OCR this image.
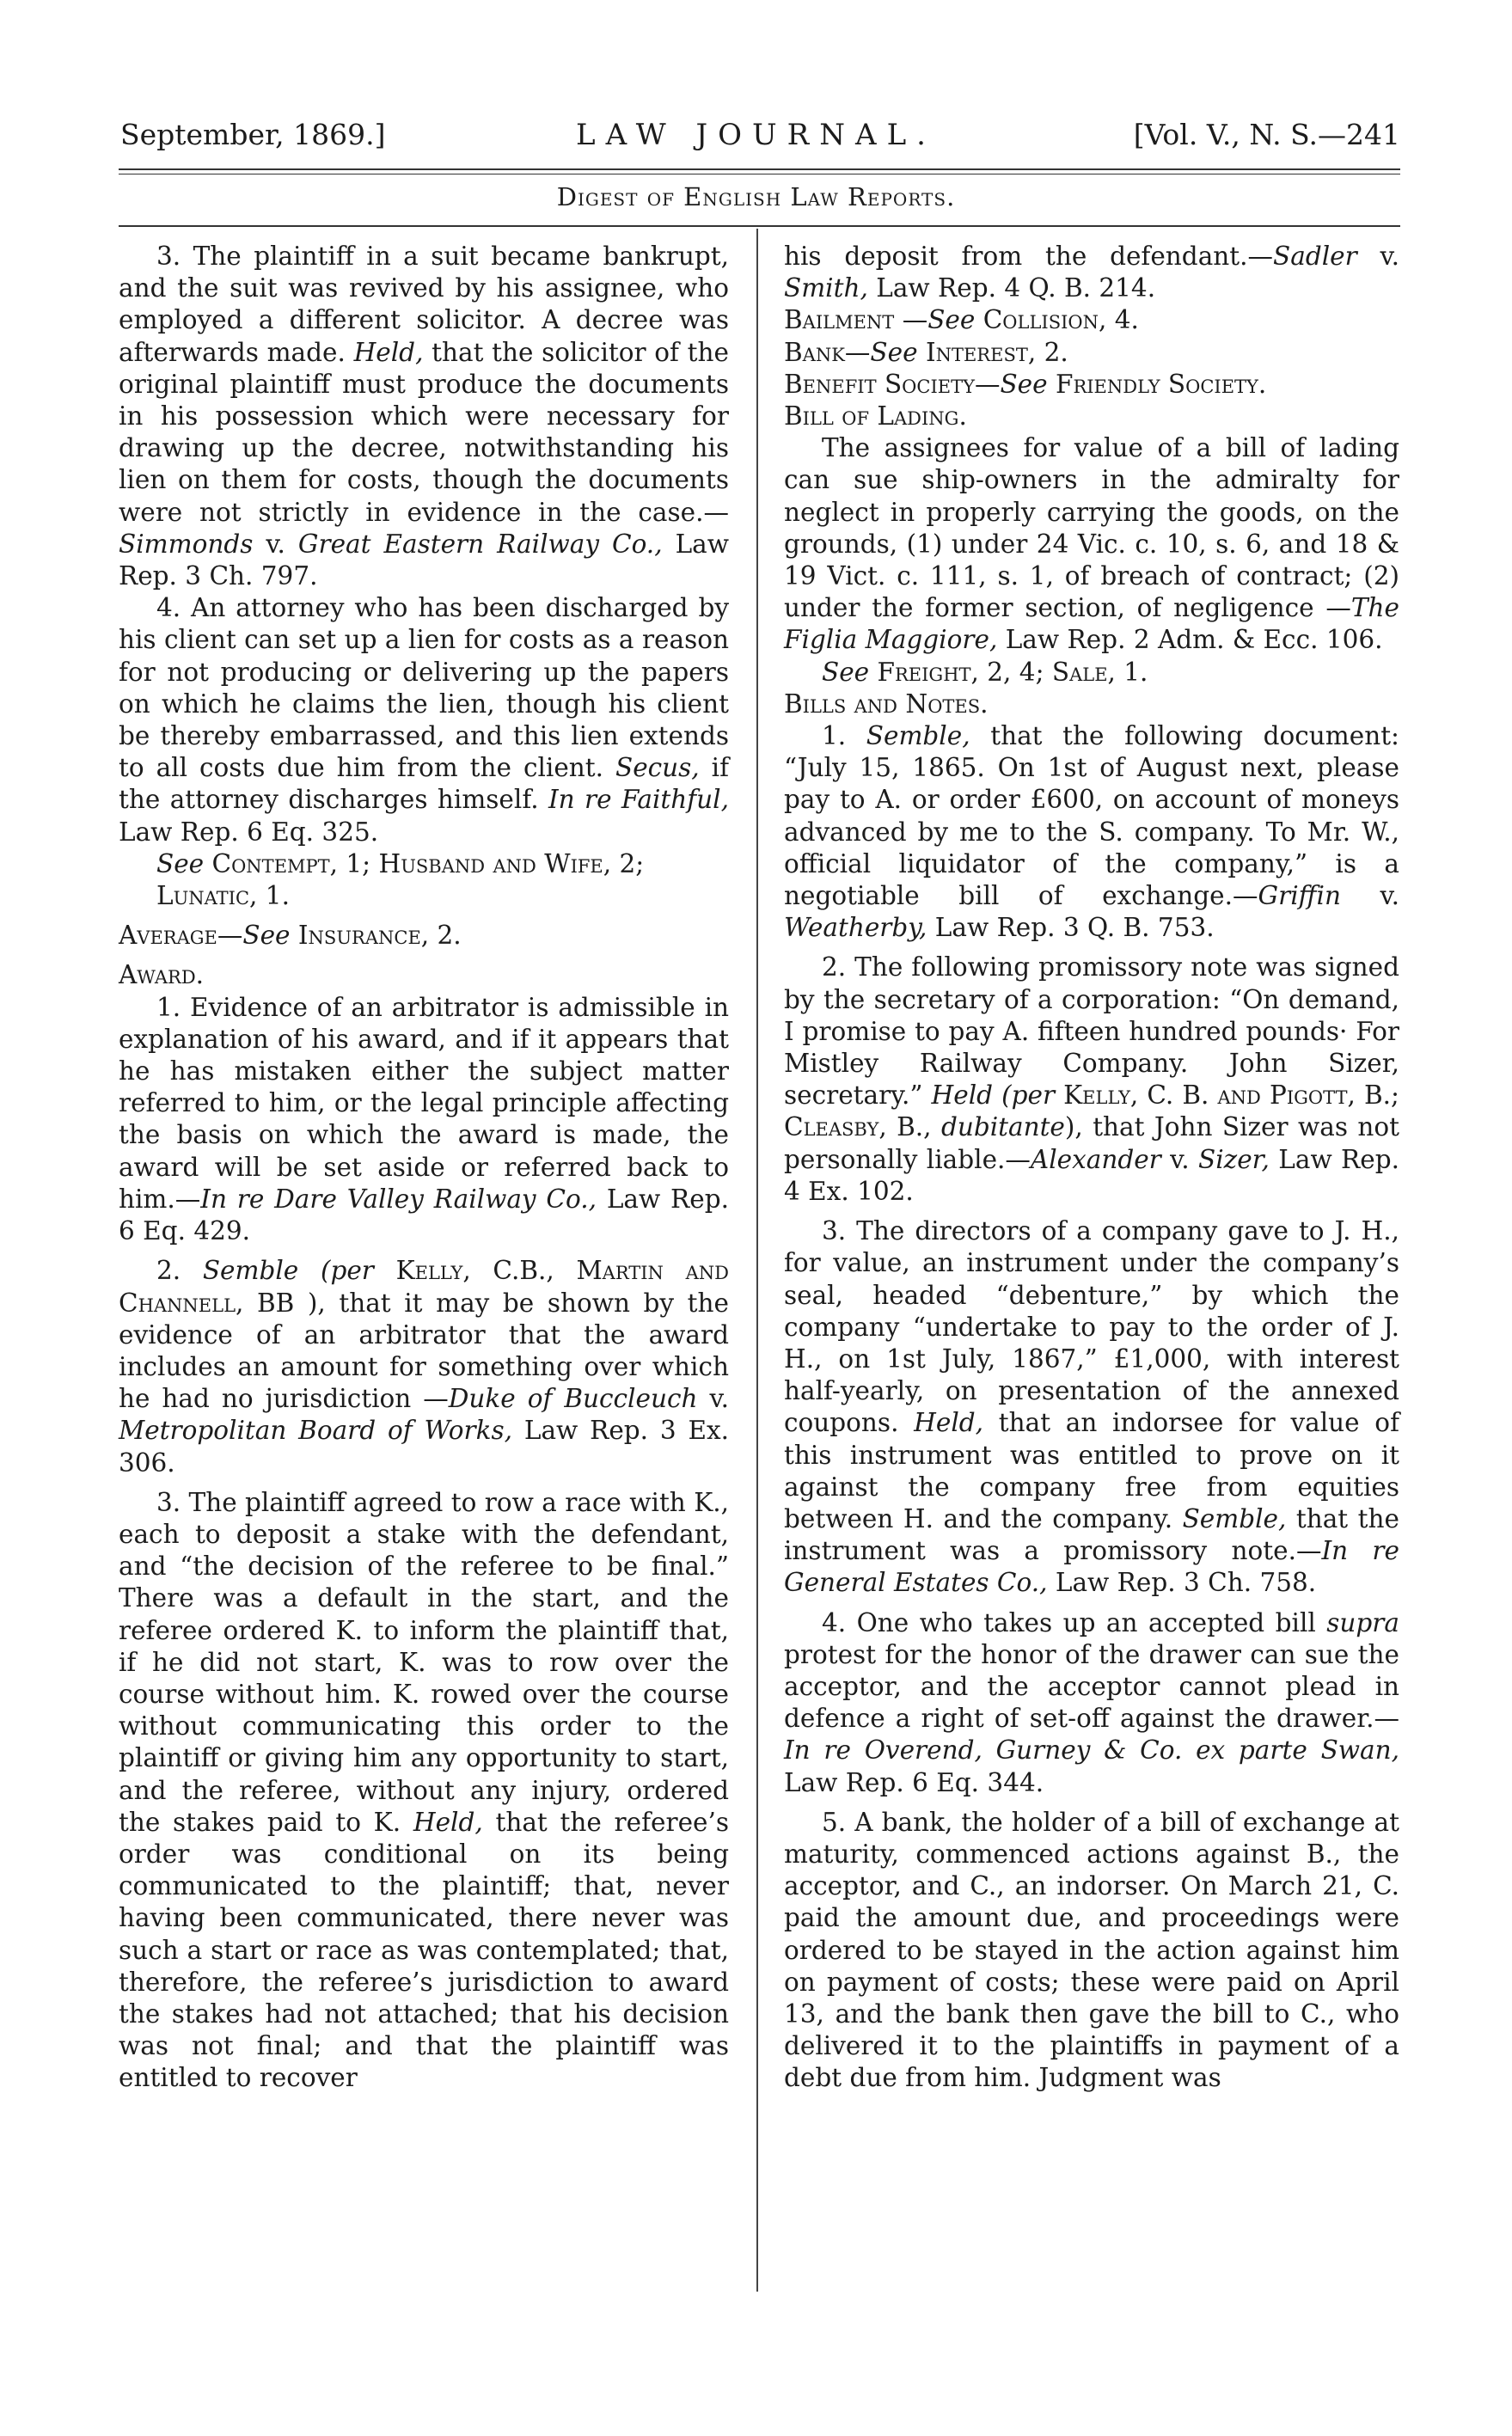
September, 1869.]	LAW JOURNAL.	[Vol. V., N. S.—241
Digest of English Law Reports.

3. The plaintiff in a suit became bankrupt, and the suit was revived by his assignee, who employed a different solicitor. A decree was afterwards made. Held, that the solicitor of the original plaintiff must produce the documents in his possession which were necessary for drawing up the decree, notwithstanding his lien on them for costs, though the documents were not strictly in evidence in the case.—Simmonds v. Great Eastern Railway Co., Law Rep. 3 Ch. 797.

4. An attorney who has been discharged by his client can set up a lien for costs as a reason for not producing or delivering up the papers on which he claims the lien, though his client be thereby embarrassed, and this lien extends to all costs due him from the client. Secus, if the attorney discharges himself. In re Faithful, Law Rep. 6 Eq. 325.

See Contempt, 1; Husband and Wife, 2;

Lunatic, 1.

Average—See Insurance, 2.

Award.

1. Evidence of an arbitrator is admissible in explanation of his award, and if it appears that he has mistaken either the subject matter referred to him, or the legal principle affecting the basis on which the award is made, the award will be set aside or referred back to him.—In re Dare Valley Railway Co., Law Rep. 6 Eq. 429.

2. Semble (per Kelly, C.B., Martin and Channell, BB ), that it may be shown by the evidence of an arbitrator that the award includes an amount for something over which he had no jurisdiction —Duke of Buccleuch v. Metropolitan Board of Works, Law Rep. 3 Ex. 306.

3. The plaintiff agreed to row a race with K., each to deposit a stake with the defendant, and “the decision of the referee to be final.” There was a default in the start, and the referee ordered K. to inform the plaintiff that, if he did not start, K. was to row over the course without him. K. rowed over the course without communicating this order to the plaintiff or giving him any opportunity to start, and the referee, without any injury, ordered the stakes paid to K. Held, that the referee’s order was conditional on its being communicated to the plaintiff; that, never having been communicated, there never was such a start or race as was contemplated; that, therefore, the referee’s jurisdiction to award the stakes had not attached; that his decision was not final; and that the plaintiff was entitled to recover

his deposit from the defendant.—Sadler v. Smith, Law Rep. 4 Q. B. 214.

Bailment —See Collision, 4.

Bank—See Interest, 2.

Benefit Society—See Friendly Society.

Bill of Lading.

The assignees for value of a bill of lading can sue ship-owners in the admiralty for neglect in properly carrying the goods, on the grounds, (1) under 24 Vic. c. 10, s. 6, and 18 & 19 Vict. c. 111, s. 1, of breach of contract; (2) under the former section, of negligence —The Figlia Maggiore, Law Rep. 2 Adm. & Ecc. 106.

See Freight, 2, 4; Sale, 1.

Bills and Notes.

1. Semble, that the following document: “July 15, 1865. On 1st of August next, please pay to A. or order £600, on account of moneys advanced by me to the S. company. To Mr. W., official liquidator of the company,” is a negotiable bill of exchange.—Griffin v. Weatherby, Law Rep. 3 Q. B. 753.

2. The following promissory note was signed by the secretary of a corporation: “On demand, I promise to pay A. fifteen hundred pounds· For Mistley Railway Company. John Sizer, secretary.” Held (per Kelly, C. B. and Pigott, B.; Cleasby, B., dubitante), that John Sizer was not personally liable.—Alexander v. Sizer, Law Rep. 4 Ex. 102.

3. The directors of a company gave to J. H., for value, an instrument under the company’s seal, headed “debenture,” by which the company “undertake to pay to the order of J. H., on 1st July, 1867,” £1,000, with interest half-yearly, on presentation of the annexed coupons. Held, that an indorsee for value of this instrument was entitled to prove on it against the company free from equities between H. and the company. Semble, that the instrument was a promissory note.—In re General Estates Co., Law Rep. 3 Ch. 758.

4. One who takes up an accepted bill supra protest for the honor of the drawer can sue the acceptor, and the acceptor cannot plead in defence a right of set-off against the drawer.—In re Overend, Gurney & Co. ex parte Swan, Law Rep. 6 Eq. 344.

5. A bank, the holder of a bill of exchange at maturity, commenced actions against B., the acceptor, and C., an indorser. On March 21, C. paid the amount due, and proceedings were ordered to be stayed in the action against him on payment of costs; these were paid on April 13, and the bank then gave the bill to C., who delivered it to the plaintiffs in payment of a debt due from him. Judgment was
